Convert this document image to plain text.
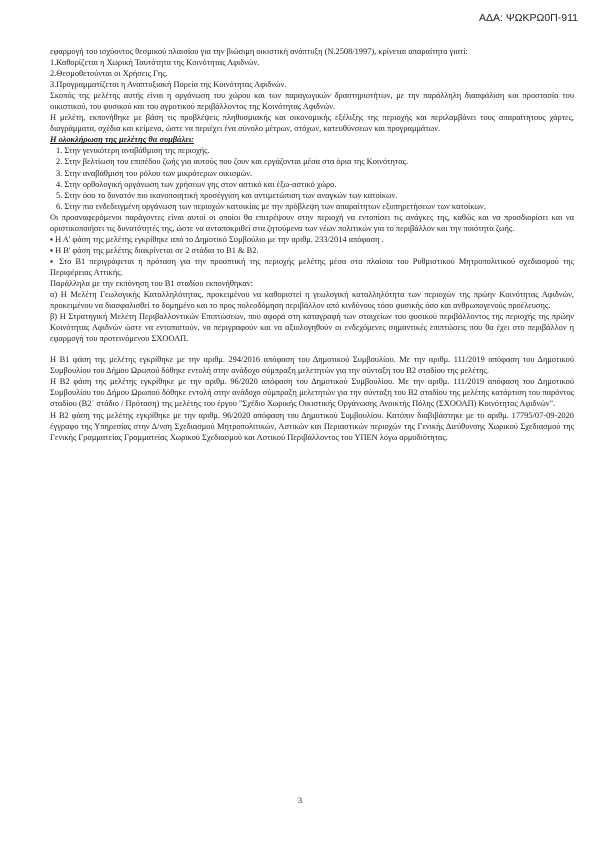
ΑΔΑ: ΨΩΚΡΩ0Π-911

εφαρμογή του ισχύοντος θεσμικού πλαισίου για την βιώσιμη οικιστική ανάπτυξη (Ν.2508/1997), κρίνεται απαραίτητο γιατί:

1.Καθορίζεται η Χωρική Ταυτότητα της Κοινότητας Αφιδνών.

2.Θεσμοθετούνται οι Χρήσεις Γης.

3.Προγραμματίζεται η Αναπτυξιακή Πορεία της Κοινότητας Αφιδνών.

Σκοπός της μελέτης αυτής είναι η οργάνωση του χώρου και των παραγωγικών δραστηριοτήτων, με την παράλληλη διασφάλιση και προστασία του οικιστικού, του φυσικού και του αγροτικού περιβάλλοντος της Κοινότητας Αφιδνών.

Η μελέτη, εκπονήθηκε με βάση τις προβλέψεις πληθυσμιακής και οικονομικής εξέλιξης της περιοχής και περιλαμβάνει τους απαραίτητους χάρτες, διαγράμματα, σχέδια και κείμενα, ώστε να περιέχει ένα σύνολο μέτρων, στόχων, κατευθύνσεων και προγραμμάτων.

Η ολοκλήρωση της μελέτης θα συμβάλει:

1. Στην γενικότερη αναβάθμιση της περιοχής.

2. Στην βελτίωση του επιπέδου ζωής για αυτούς που ζουν και εργάζονται μέσα στα όρια της Κοινότητας.

3. Στην αναβάθμιση του ρόλου των μικρότερων οικισμών.

4. Στην ορθολογική οργάνωση των χρήσεων γης στον αστικό και έξω-αστικό χώρο.

5. Στην όσο το δυνατόν πιο ικανοποιητική προσέγγιση και αντιμετώπιση των αναγκών των κατοίκων.

6. Στην πιο ενδεδειγμένη οργάνωση των περιοχών κατοικίας με την πρόβλεψη των απαραίτητων εξυπηρετήσεων των κατοίκων.

Οι προαναφερόμενοι παράγοντες είναι αυτοί οι οποίοι θα επιτρέψουν στην περιοχή να εντοπίσει τις ανάγκες της, καθώς και να προσδιορίσει και να οριστικοποιήσει τις δυνατότητές της, ώστε να ανταποκριθεί στα ζητούμενα των νέων πολιτικών για το περιβάλλον και την ποιότητα ζωής.

▪ Η Α' φάση της μελέτης εγκρίθηκε από το Δημοτικό Συμβούλιο με την αριθμ. 233/2014 απόφαση .

▪ Η Β' φάση της μελέτης διακρίνεται σε 2 στάδια το Β1 & Β2.

▪ Στο Β1 περιγράφεται η πρόταση για την προοπτική της περιοχής μελέτης μέσα στα πλαίσια του Ρυθμιστικού Μητροπολιτικού σχεδιασμού της Περιφέρειας Αττικής.

Παράλληλα με την εκπόνηση του Β1 σταδίου εκπονήθηκαν:

α) Η Μελέτη Γεωλογικής Καταλληλότητας, προκειμένου να καθοριστεί η γεωλογική καταλληλότητα των περιοχών της πρώην Κοινότητας Αφιδνών, προκειμένου να διασφαλισθεί το δομημένο και το προς πολεοδόμηση περιβάλλον από κινδύνους τόσο φυσικής όσο και ανθρωπογενούς προέλευσης.

β) Η Στρατηγική Μελέτη Περιβαλλοντικών Επιπτώσεων, που αφορά στη καταγραφή των στοιχείων του φυσικού περιβάλλοντος της περιοχής της πρώην Κοινότητας Αφιδνών ώστε να εντοπιστούν, να περιγραφούν και να αξιολογηθούν οι ενδεχόμενες σημαντικές επιπτώσεις που θα έχει στο περιβάλλον η εφαρμογή του προτεινόμενου ΣΧΟΟΑΠ.

Η Β1 φάση της μελέτης εγκρίθηκε με την αριθμ. 294/2016 απόφαση του Δημοτικού Συμβουλίου. Με την αριθμ. 111/2019 απόφαση του Δημοτικού Συμβουλίου του Δήμου Ωρωπού δόθηκε εντολή στην ανάδοχο σύμπραξη μελετητών για την σύνταξη του Β2 σταδίου της μελέτης.

Η Β2 φάση της μελέτης εγκρίθηκε με την αριθμ. 96/2020 απόφαση του Δημοτικού Συμβουλίου. Με την αριθμ. 111/2019 απόφαση του Δημοτικού Συμβουλίου του Δήμου Ωρωπού δόθηκε εντολή στην ανάδοχο σύμπραξη μελετητών για την σύνταξη του Β2 σταδίου της μελέτης κατάρτιση του παρόντος σταδίου (Β2΄ στάδιο / Πρόταση) της μελέτης του έργου "Σχέδιο Χωρικής Οικιστικής Οργάνωσης Ανοικτής Πόλης (ΣΧΟΟΑΠ) Κοινότητας Αφιδνών".

Η Β2 φάση της μελέτης εγκρίθηκε με την αριθμ. 96/2020 απόφαση του Δημοτικού Συμβουλίου. Κατόπιν διαβιβάστηκε με το αριθμ. 17795/07-09-2020 έγγραφο της Υπηρεσίας στην Δ/νση Σχεδιασμού Μητροπολιτικών, Αστικών και Περιαστικών περιοχών της Γενικής Διεύθυνσης Χωρικού Σχεδιασμού της Γενικής Γραμματείας Γραμματείας Χωρικού Σχεδιασμού και Αστικού Περιβάλλοντος του ΥΠΕΝ λόγω αρμοδιότητας.

3
